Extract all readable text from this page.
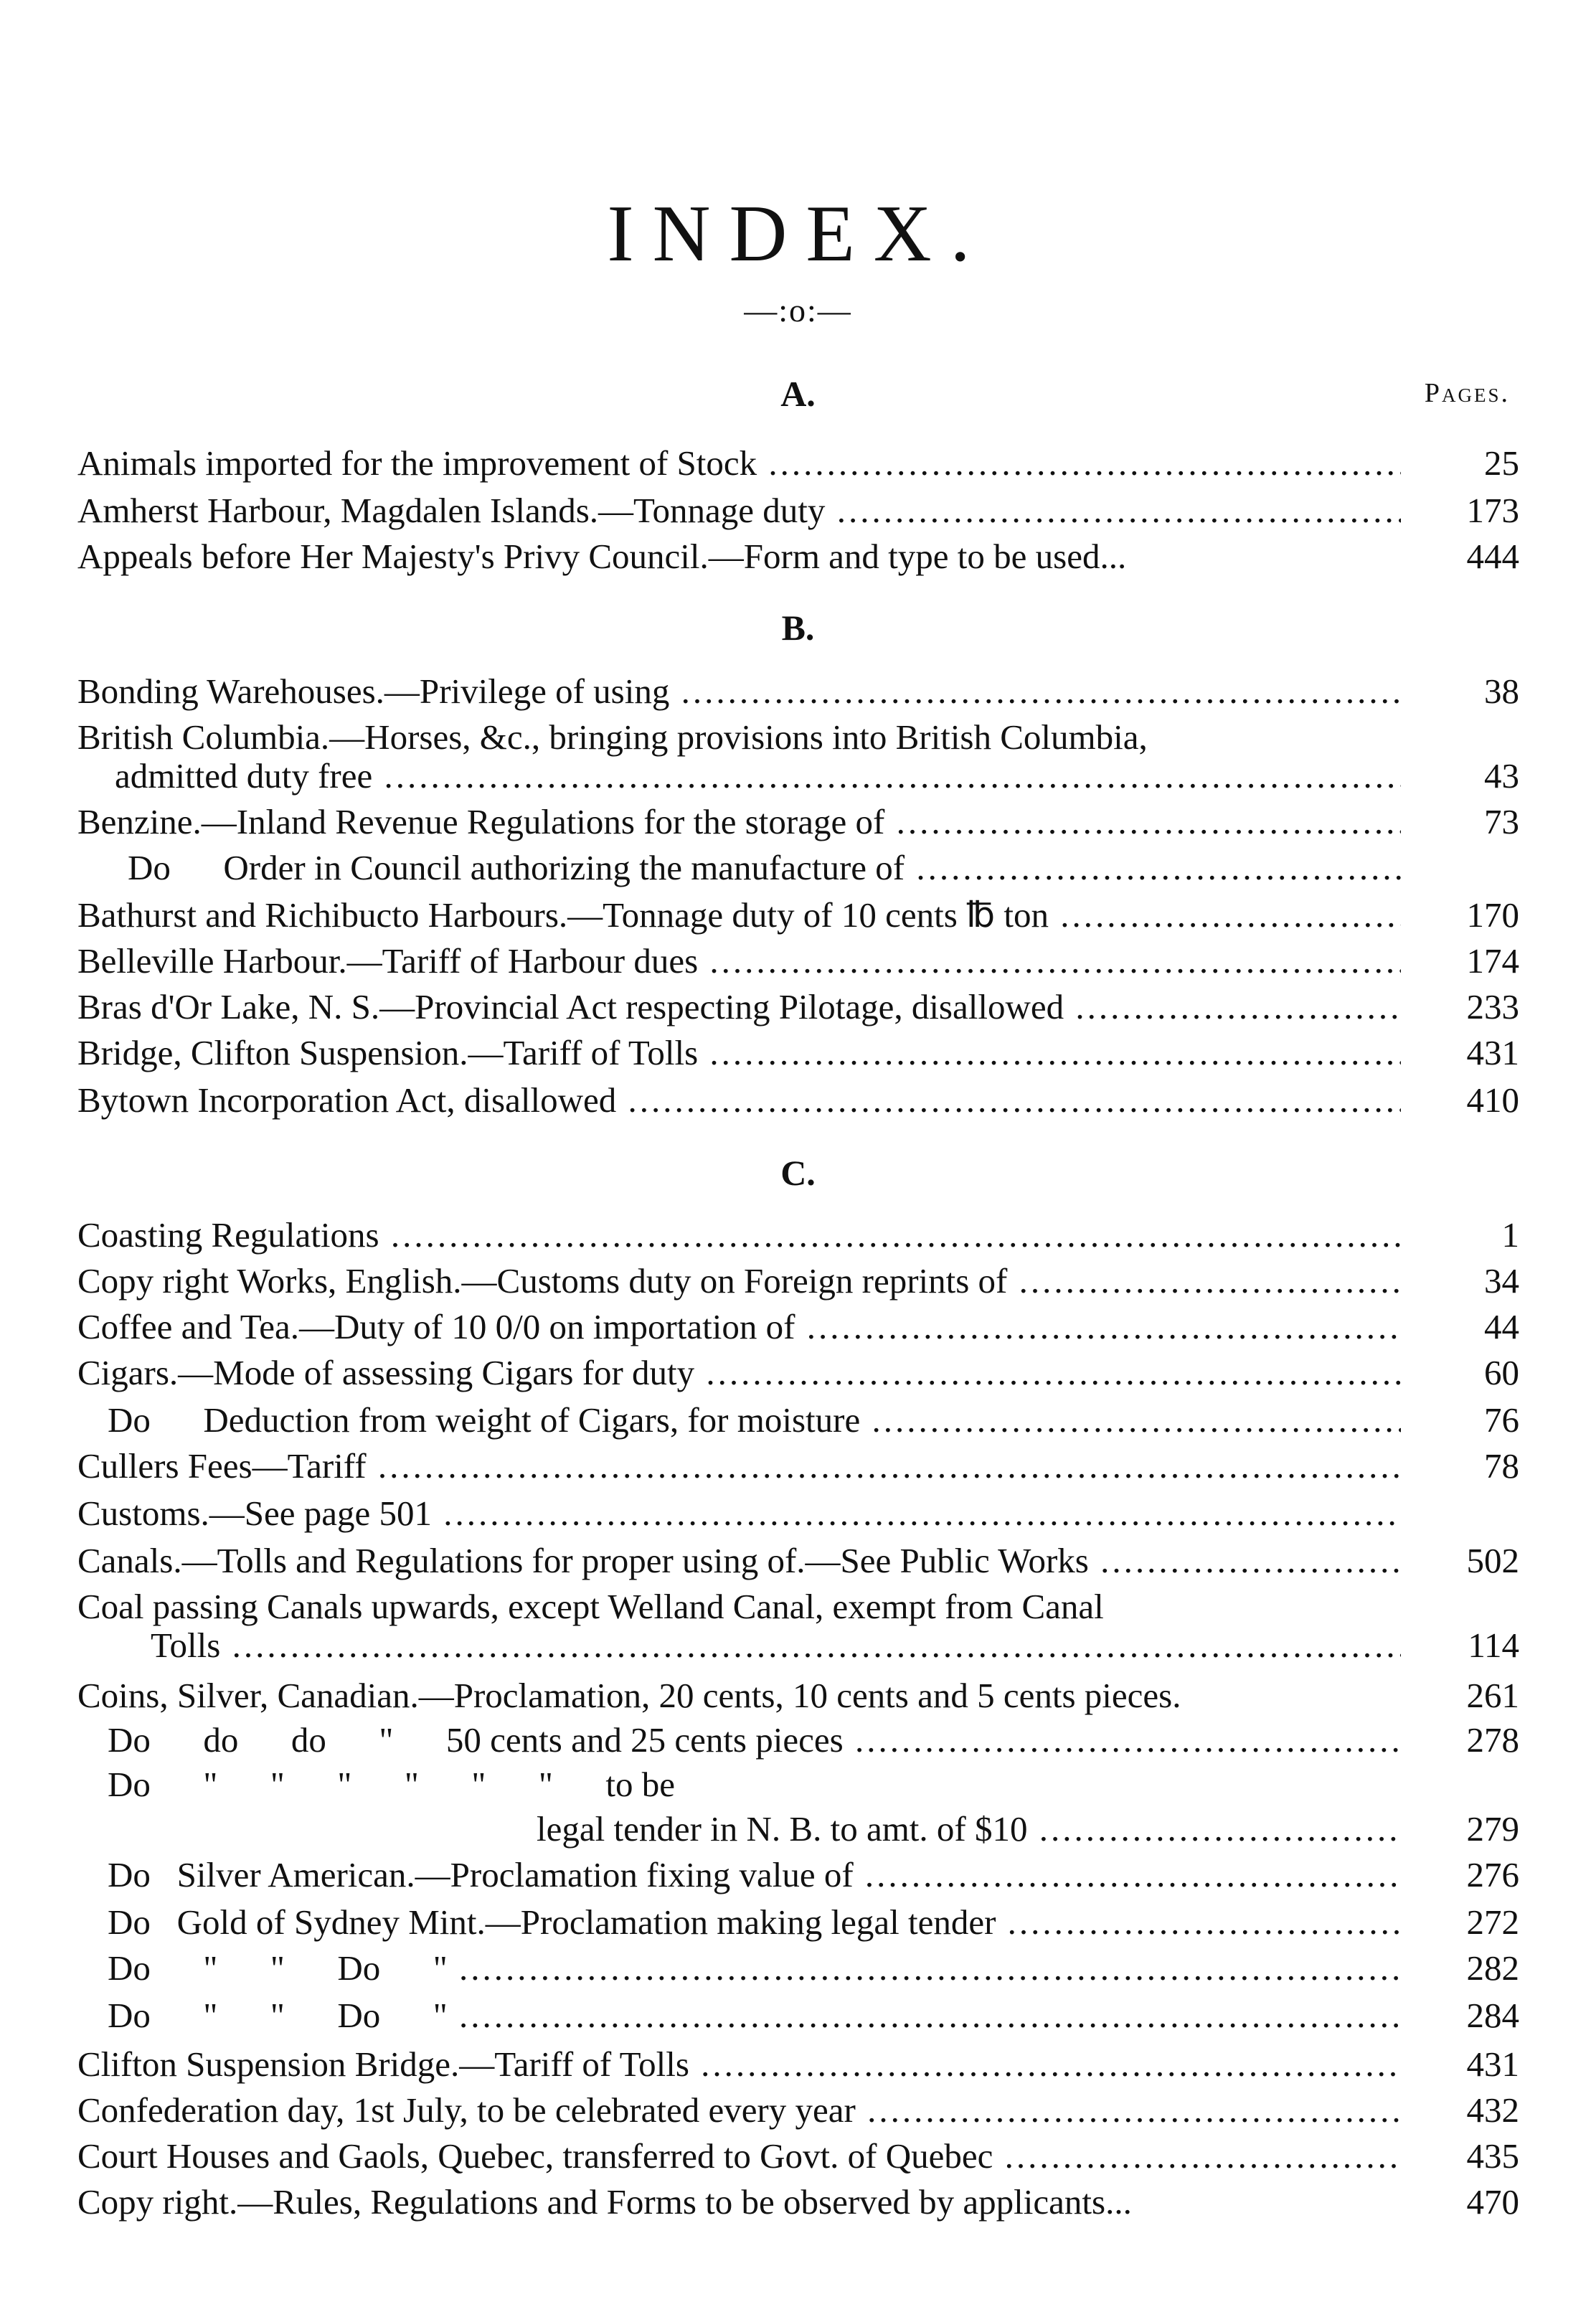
INDEX.
—:o:—
A.	Pages.
Animals imported for the improvement of Stock .....	25
Amherst Harbour, Magdalen Islands.—Tonnage duty .....	173
Appeals before Her Majesty's Privy Council.—Form and type to be used...	444
B.
Bonding Warehouses.—Privilege of using .....	38
British Columbia.—Horses, &c., bringing provisions into British Columbia,
admitted duty free .....	43
Benzine.—Inland Revenue Regulations for the storage of .....	73
Do      Order in Council authorizing the manufacture of .....
Bathurst and Richibucto Harbours.—Tonnage duty of 10 cents ℔ ton .....	170
Belleville Harbour.—Tariff of Harbour dues .....	174
Bras d'Or Lake, N. S.—Provincial Act respecting Pilotage, disallowed .....	233
Bridge, Clifton Suspension.—Tariff of Tolls .....	431
Bytown Incorporation Act, disallowed .....	410
C.
Coasting Regulations .....	1
Copy right Works, English.—Customs duty on Foreign reprints of .....	34
Coffee and Tea.—Duty of 10 0/0 on importation of .....	44
Cigars.—Mode of assessing Cigars for duty .....	60
Do      Deduction from weight of Cigars, for moisture .....	76
Cullers Fees—Tariff .....	78
Customs.—See page 501 .....
Canals.—Tolls and Regulations for proper using of.—See Public Works .....	502
Coal passing Canals upwards, except Welland Canal, exempt from Canal
Tolls .....	114
Coins, Silver, Canadian.—Proclamation, 20 cents, 10 cents and 5 cents pieces.	261
Do      do      do      "      50 cents and 25 cents pieces .....	278
Do      "      "      "      "      "      "      to be
legal tender in N. B. to amt. of $10 .....	279
Do   Silver American.—Proclamation fixing value of .....	276
Do   Gold of Sydney Mint.—Proclamation making legal tender .....	272
Do      "      "      Do      " .....	282
Do      "      "      Do      " .....	284
Clifton Suspension Bridge.—Tariff of Tolls .....	431
Confederation day, 1st July, to be celebrated every year .....	432
Court Houses and Gaols, Quebec, transferred to Govt. of Quebec .....	435
Copy right.—Rules, Regulations and Forms to be observed by applicants...	470
